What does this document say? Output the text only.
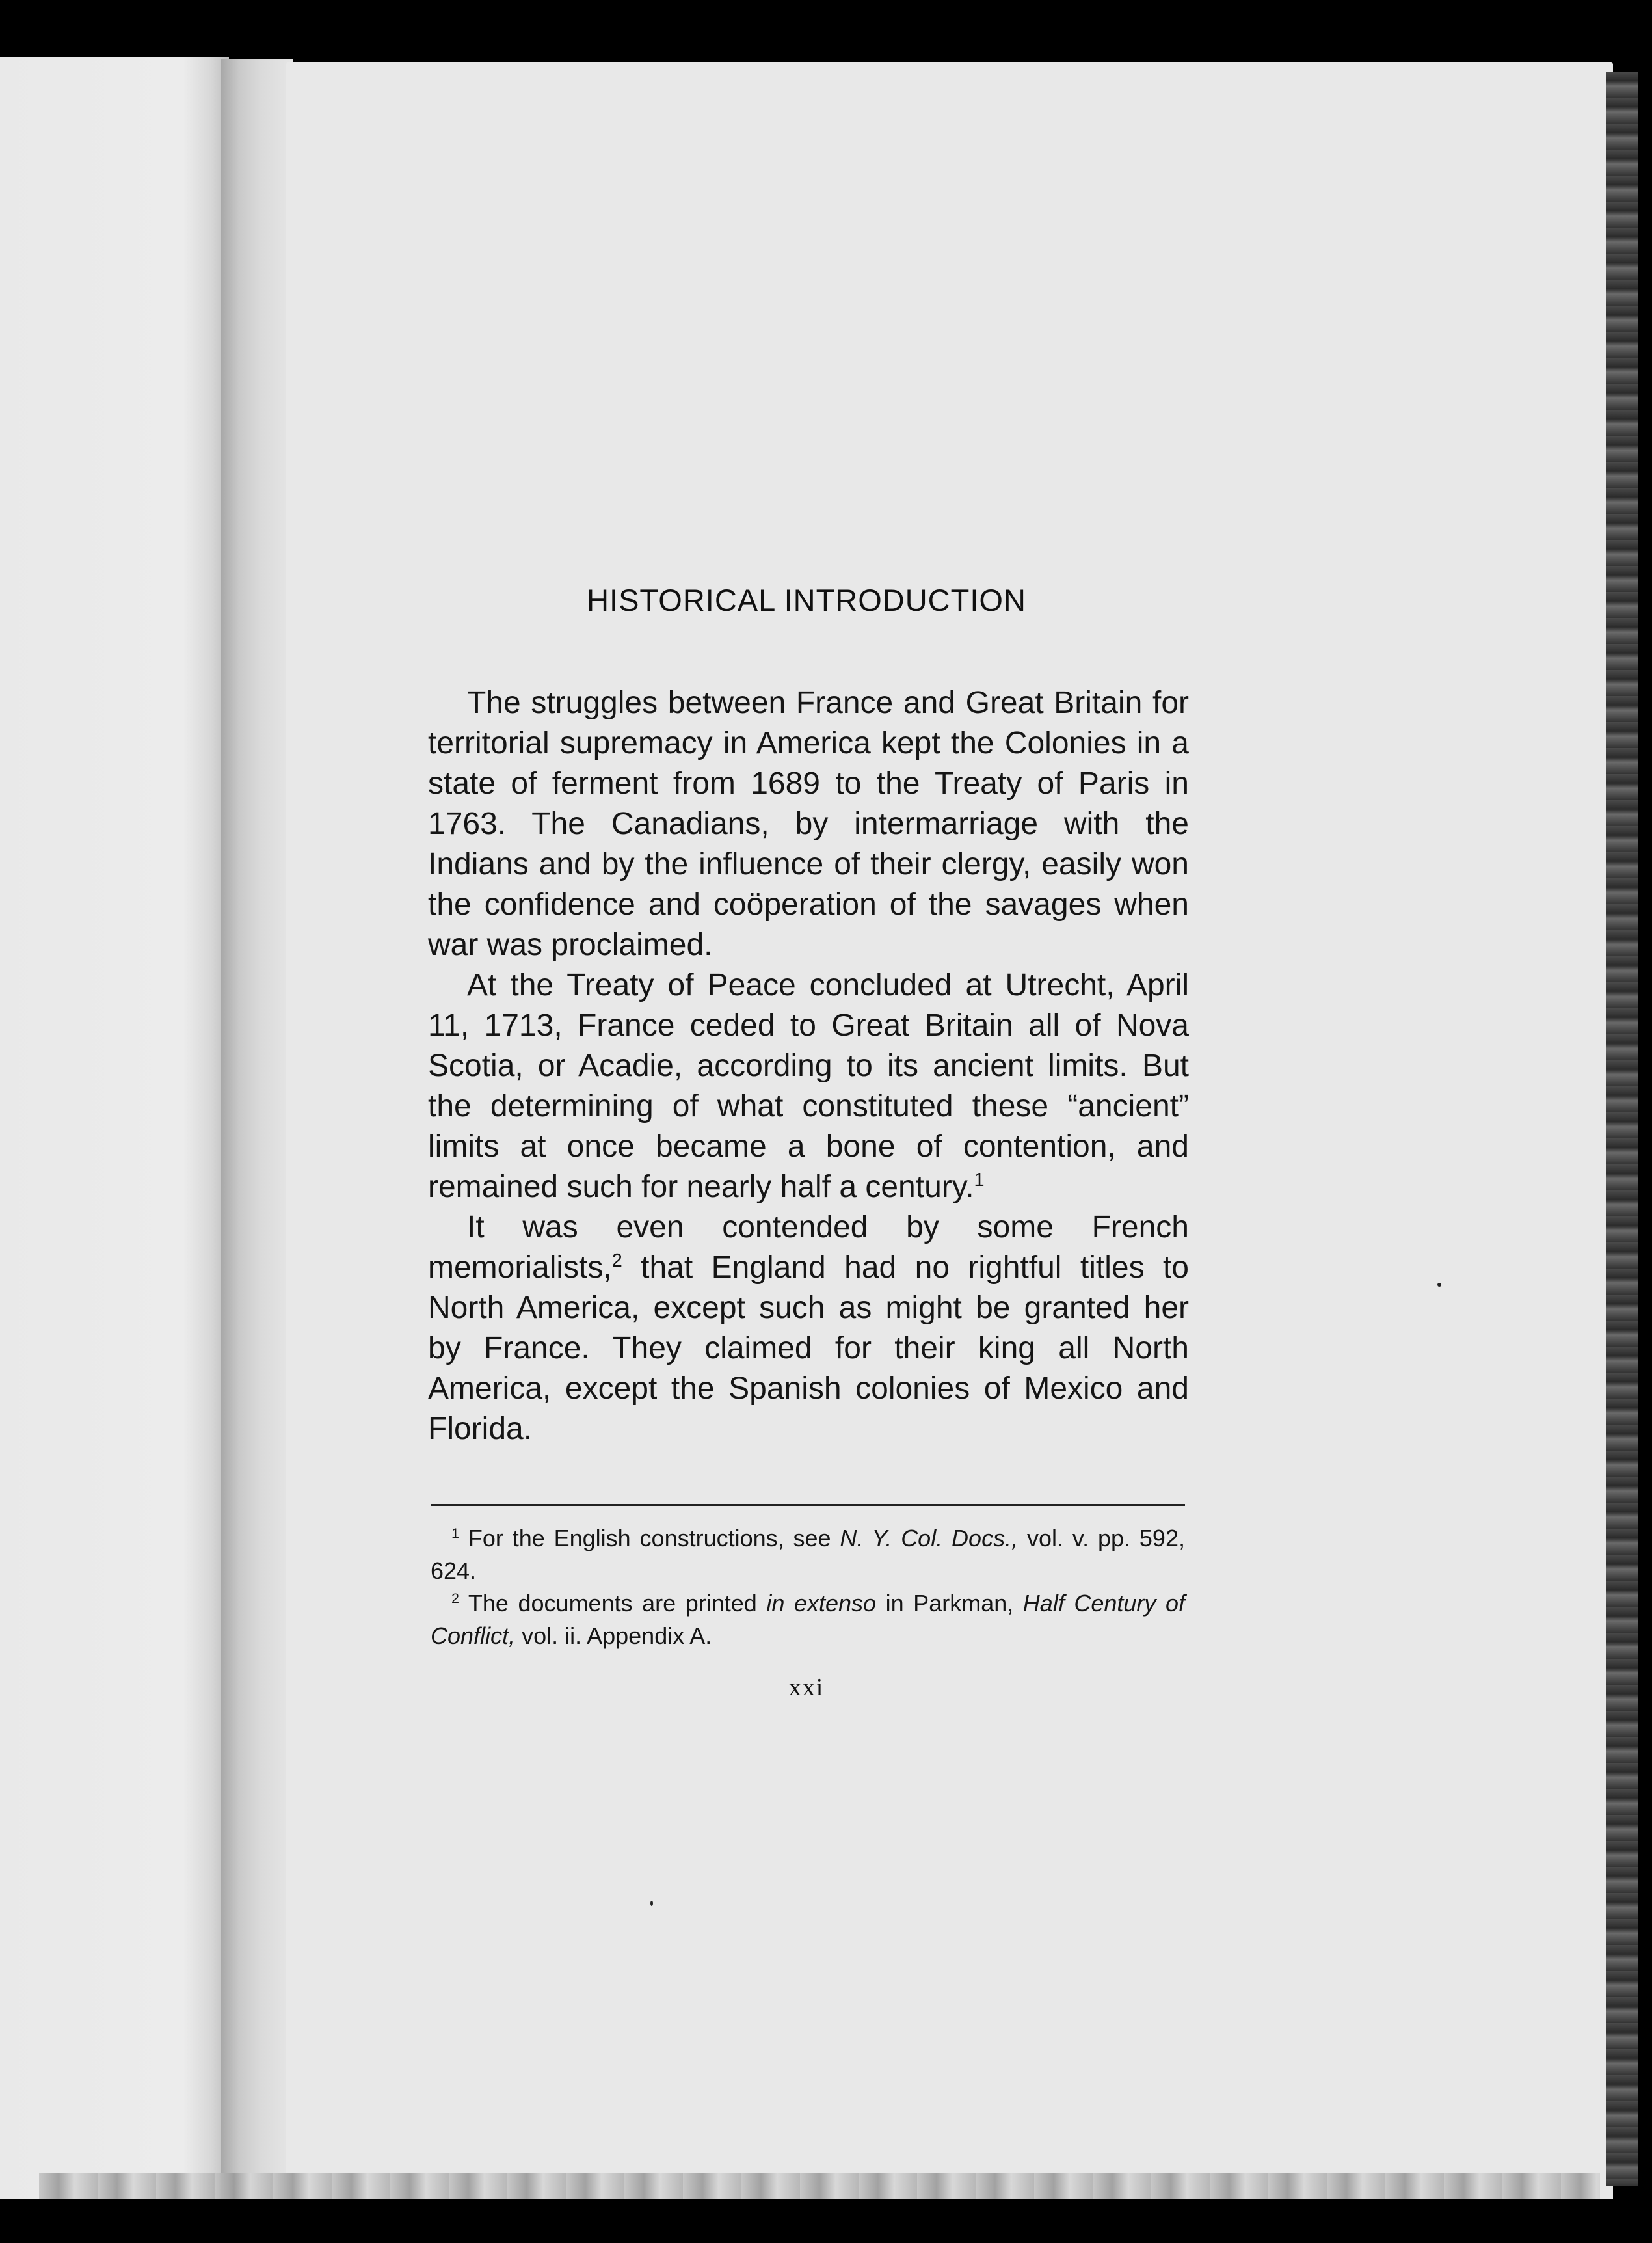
HISTORICAL INTRODUCTION

The struggles between France and Great Britain for territorial supremacy in America kept the Colonies in a state of ferment from 1689 to the Treaty of Paris in 1763. The Canadians, by intermarriage with the Indians and by the influence of their clergy, easily won the confidence and coöperation of the savages when war was proclaimed.

At the Treaty of Peace concluded at Utrecht, April 11, 1713, France ceded to Great Britain all of Nova Scotia, or Acadie, according to its ancient limits. But the determining of what constituted these “ancient” limits at once became a bone of contention, and remained such for nearly half a century.$^1$

It was even contended by some French memorialists,$^2$ that England had no rightful titles to North America, except such as might be granted her by France. They claimed for their king all North America, except the Spanish colonies of Mexico and Florida.

$^1$ For the English constructions, see N. Y. Col. Docs., vol. v. pp. 592, 624.

$^2$ The documents are printed in extenso in Parkman, Half Century of Conflict, vol. ii. Appendix A.

xxi
